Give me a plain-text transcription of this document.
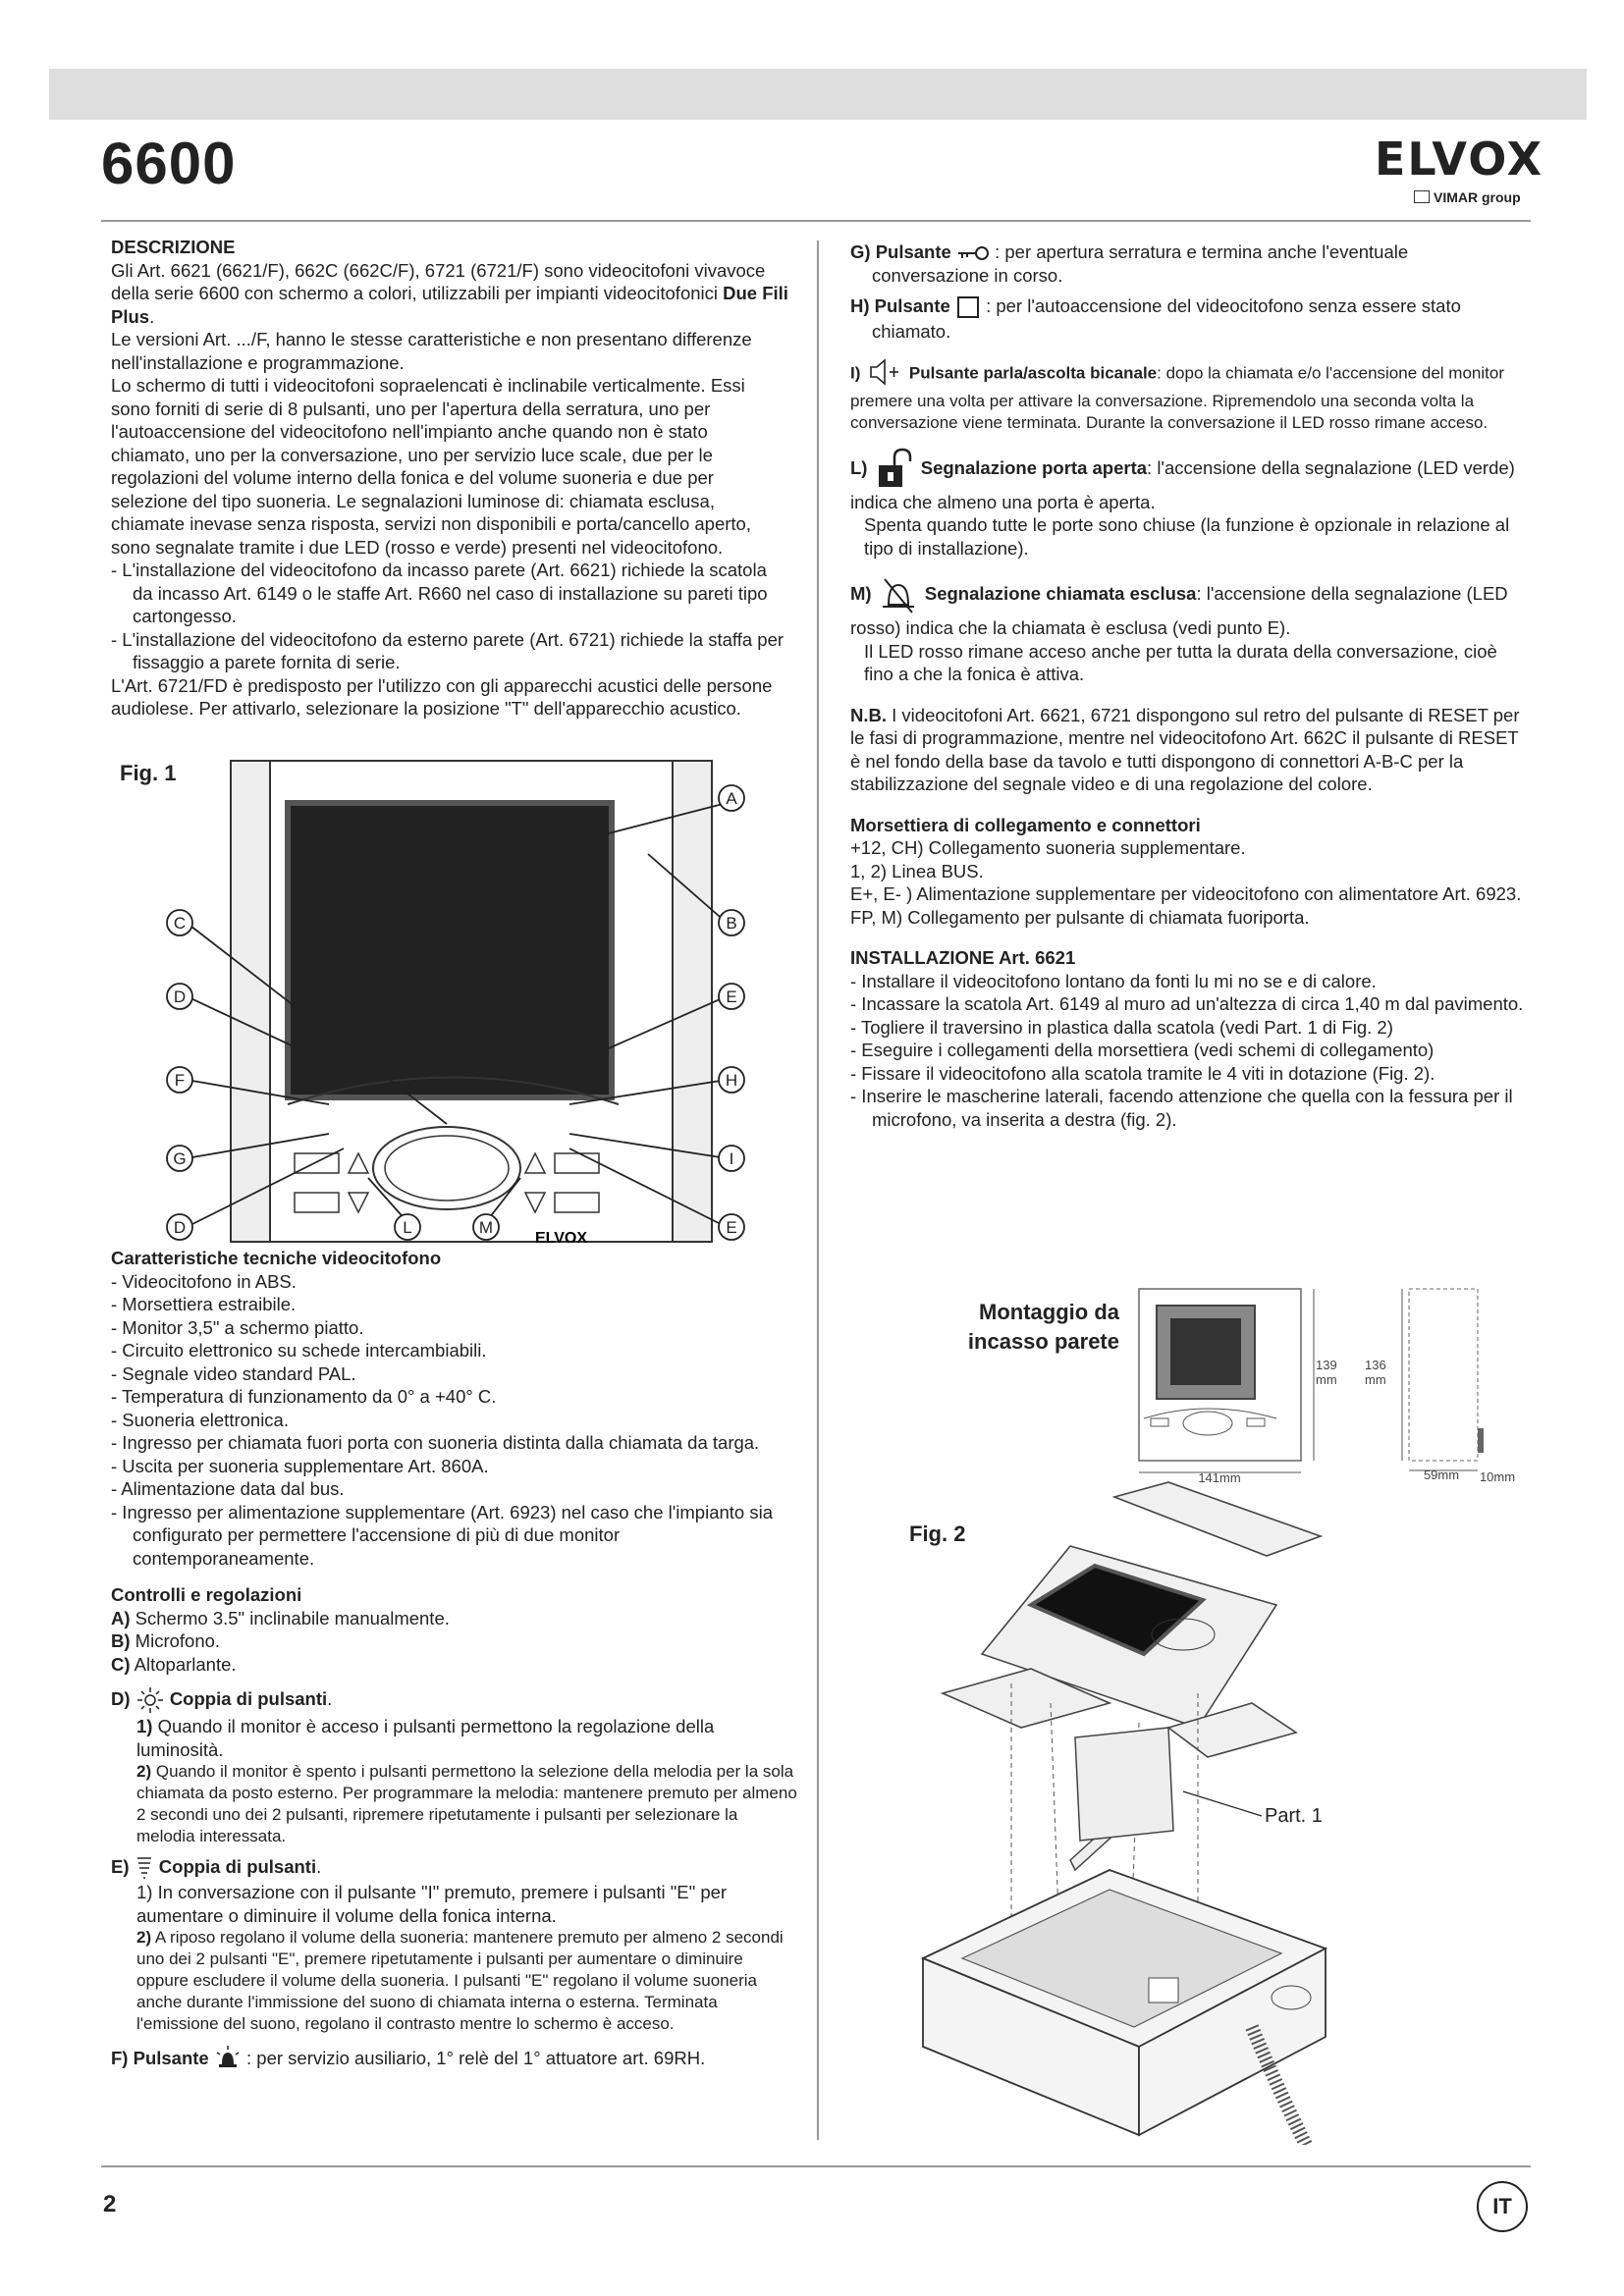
6600	ELVOX
VIMAR group

DESCRIZIONE

Gli Art. 6621 (6621/F), 662C (662C/F), 6721 (6721/F) sono videocitofoni vivavoce della serie 6600 con schermo a colori, utilizzabili per impianti videocitofonici Due Fili Plus.

Le versioni Art. .../F, hanno le stesse caratteristiche e non presentano differenze nell'installazione e programmazione.

Lo schermo di tutti i videocitofoni sopraelencati è inclinabile verticalmente. Essi sono forniti di serie di 8 pulsanti, uno per l'apertura della serratura, uno per l'autoaccensione del videocitofono nell'impianto anche quando non è stato chiamato, uno per la conversazione, uno per servizio luce scale, due per le regolazioni del volume interno della fonica e del volume suoneria e due per selezione del tipo suoneria. Le segnalazioni luminose di: chiamata esclusa, chiamate inevase senza risposta, servizi non disponibili e porta/cancello aperto, sono segnalate tramite i due LED (rosso e verde) presenti nel videocitofono.

- L'installazione del videocitofono da incasso parete (Art. 6621) richiede la scatola da incasso Art. 6149 o le staffe Art. R660 nel caso di installazione su pareti tipo cartongesso.

- L'installazione del videocitofono da esterno parete (Art. 6721) richiede la staffa per fissaggio a parete fornita di serie.

L'Art. 6721/FD è predisposto per l'utilizzo con gli apparecchi acustici delle persone audiolese. Per attivarlo, selezionare la posizione "T" dell'apparecchio acustico.

Fig. 1
ELVOX
A
B
C
D	E
F	H
G	I
D	E
L	M

Caratteristiche tecniche videocitofono

- Videocitofono in ABS.

- Morsettiera estraibile.

- Monitor 3,5" a schermo piatto.

- Circuito elettronico su schede intercambiabili.

- Segnale video standard PAL.

- Temperatura di funzionamento da 0° a +40° C.

- Suoneria elettronica.

- Ingresso per chiamata fuori porta con suoneria distinta dalla chiamata da targa.

- Uscita per suoneria supplementare Art. 860A.

- Alimentazione data dal bus.

- Ingresso per alimentazione supplementare (Art. 6923) nel caso che l'impianto sia configurato per permettere l'accensione di più di due monitor contemporaneamente.

Controlli e regolazioni

A) Schermo 3.5" inclinabile manualmente.

B) Microfono.

C) Altoparlante.

D) Coppia di pulsanti.

1) Quando il monitor è acceso i pulsanti permettono la regolazione della luminosità.

2) Quando il monitor è spento i pulsanti permettono la selezione della melodia per la sola chiamata da posto esterno. Per programmare la melodia: mantenere premuto per almeno 2 secondi uno dei 2 pulsanti, ripremere ripetutamente i pulsanti per selezionare la melodia interessata.

E) Coppia di pulsanti.

1) In conversazione con il pulsante "I" premuto, premere i pulsanti "E" per aumentare o diminuire il volume della fonica interna.

2) A riposo regolano il volume della suoneria: mantenere premuto per almeno 2 secondi uno dei 2 pulsanti "E", premere ripetutamente i pulsanti per aumentare o diminuire oppure escludere il volume della suoneria. I pulsanti "E" regolano il volume suoneria anche durante l'immissione del suono di chiamata interna o esterna. Terminata l'emissione del suono, regolano il contrasto mentre lo schermo è acceso.

F) Pulsante  : per servizio ausiliario, 1° relè del 1° attuatore art. 69RH.

G) Pulsante  : per apertura serratura e termina anche l'eventuale conversazione in corso.

H) Pulsante  : per l'autoaccensione del videocitofono senza essere stato chiamato.

I)	Pulsante parla/ascolta bicanale: dopo la chiamata e/o l'accensione del monitor premere una volta per attivare la conversazione. Ripremendolo una seconda volta la conversazione viene terminata. Durante la conversazione il LED rosso rimane acceso.

L)	Segnalazione porta aperta: l'accensione della segnalazione (LED verde) indica che almeno una porta è aperta.

Spenta quando tutte le porte sono chiuse (la funzione è opzionale in relazione al tipo di installazione).

M)	Segnalazione chiamata esclusa: l'accensione della segnalazione (LED rosso) indica che la chiamata è esclusa (vedi punto E).

Il LED rosso rimane acceso anche per tutta la durata della conversazione, cioè fino a che la fonica è attiva.

N.B. I videocitofoni Art. 6621, 6721 dispongono sul retro del pulsante di RESET per le fasi di programmazione, mentre nel videocitofono Art. 662C il pulsante di RESET è nel fondo della base da tavolo e tutti dispongono di connettori A-B-C per la stabilizzazione del segnale video e di una regolazione del colore.

Morsettiera di collegamento e connettori

+12, CH) Collegamento suoneria supplementare.

1, 2) Linea BUS.

E+, E- ) Alimentazione supplementare per videocitofono con alimentatore Art. 6923.

FP, M) Collegamento per pulsante di chiamata fuoriporta.

INSTALLAZIONE Art. 6621

- Installare il videocitofono lontano da fonti lu mi no se e di calore.

- Incassare la scatola Art. 6149 al muro ad un'altezza di circa 1,40 m dal pavimento.

- Togliere il traversino in plastica dalla scatola (vedi Part. 1 di Fig. 2)

- Eseguire i collegamenti della morsettiera (vedi schemi di collegamento)

- Fissare il videocitofono alla scatola tramite le 4 viti in dotazione (Fig. 2).

- Inserire le mascherine laterali, facendo attenzione che quella con la fessura per il microfono, va inserita a destra (fig. 2).

Montaggio da
incasso parete
141mm
139
mm
136
mm
59mm 10mm
Fig. 2
Part. 1
2	IT
